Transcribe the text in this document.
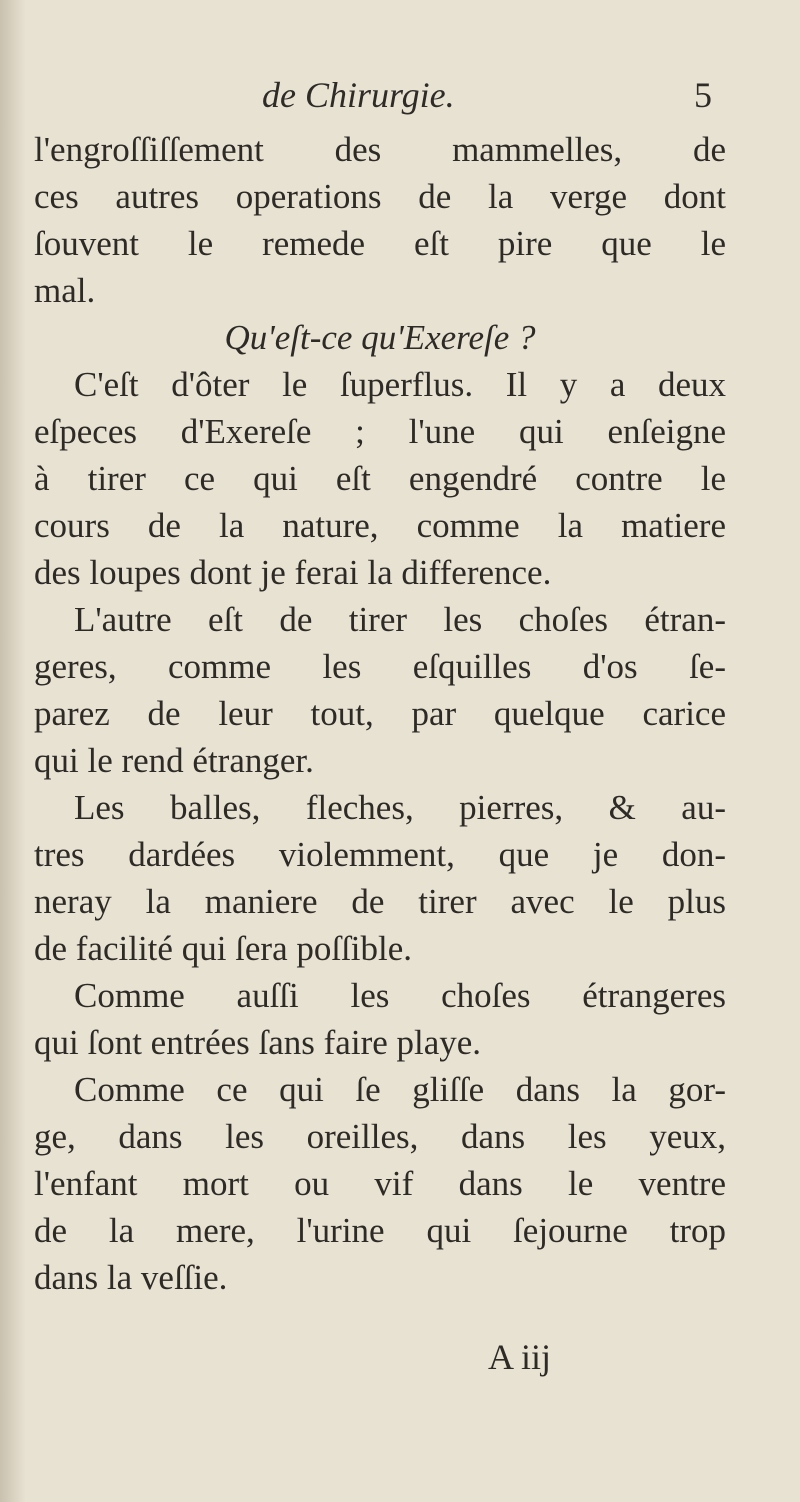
de Chirurgie.	5
l'engroſſiſſement des mammelles, de
ces autres operations de la verge dont
ſouvent le remede eſt pire que le
mal.
Qu'eſt-ce qu'Exereſe ?
C'eſt d'ôter le ſuperflus. Il y a deux
eſpeces d'Exereſe ; l'une qui enſeigne
à tirer ce qui eſt engendré contre le
cours de la nature, comme la matiere
des loupes dont je ferai la difference.
L'autre eſt de tirer les choſes étran-
geres, comme les eſquilles d'os ſe-
parez de leur tout, par quelque carice
qui le rend étranger.
Les balles, fleches, pierres, & au-
tres dardées violemment, que je don-
neray la maniere de tirer avec le plus
de facilité qui ſera poſſible.
Comme auſſi les choſes étrangeres
qui ſont entrées ſans faire playe.
Comme ce qui ſe gliſſe dans la gor-
ge, dans les oreilles, dans les yeux,
l'enfant mort ou vif dans le ventre
de la mere, l'urine qui ſejourne trop
dans la veſſie.
A iij
